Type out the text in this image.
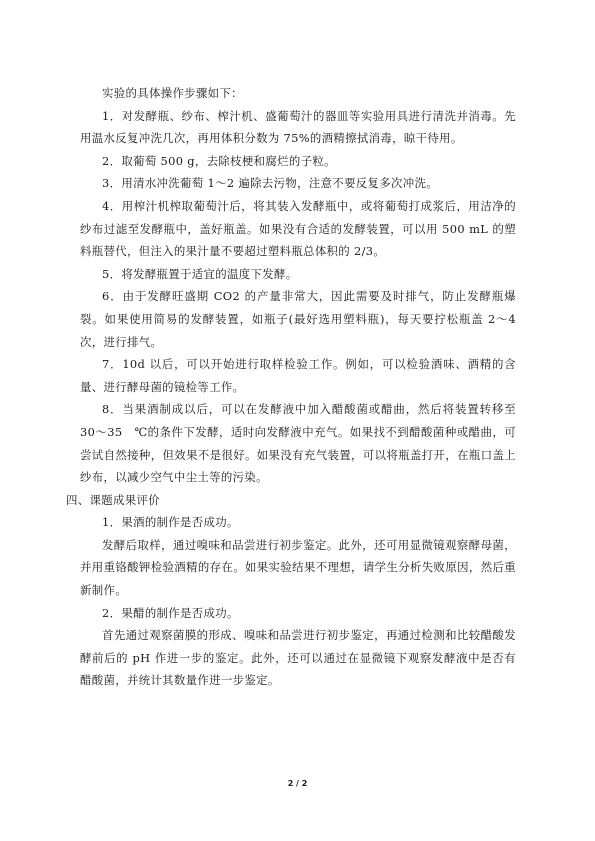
实验的具体操作步骤如下：

1．对发酵瓶、纱布、榨汁机、盛葡萄汁的器皿等实验用具进行清洗并消毒。先用温水反复冲洗几次，再用体积分数为 75%的酒精擦拭消毒，晾干待用。

2．取葡萄 500 g，去除枝梗和腐烂的子粒。

3．用清水冲洗葡萄 1～2 遍除去污物，注意不要反复多次冲洗。

4．用榨汁机榨取葡萄汁后，将其装入发酵瓶中，或将葡萄打成浆后，用洁净的纱布过滤至发酵瓶中，盖好瓶盖。如果没有合适的发酵装置，可以用 500 mL 的塑料瓶替代，但注入的果汁量不要超过塑料瓶总体积的 2/3。

5．将发酵瓶置于适宜的温度下发酵。

6．由于发酵旺盛期 CO2 的产量非常大，因此需要及时排气，防止发酵瓶爆裂。如果使用简易的发酵装置，如瓶子(最好选用塑料瓶)，每天要拧松瓶盖 2～4 次，进行排气。

7．10d 以后，可以开始进行取样检验工作。例如，可以检验酒味、酒精的含量、进行酵母菌的镜检等工作。

8．当果酒制成以后，可以在发酵液中加入醋酸菌或醋曲，然后将装置转移至 30～35　℃的条件下发酵，适时向发酵液中充气。如果找不到醋酸菌种或醋曲，可尝试自然接种，但效果不是很好。如果没有充气装置，可以将瓶盖打开，在瓶口盖上纱布，以减少空气中尘土等的污染。

四、课题成果评价

1．果酒的制作是否成功。

发酵后取样，通过嗅味和品尝进行初步鉴定。此外，还可用显微镜观察酵母菌，并用重铬酸钾检验酒精的存在。如果实验结果不理想，请学生分析失败原因，然后重新制作。

2．果醋的制作是否成功。

首先通过观察菌膜的形成、嗅味和品尝进行初步鉴定，再通过检测和比较醋酸发酵前后的 pH 作进一步的鉴定。此外，还可以通过在显微镜下观察发酵液中是否有醋酸菌，并统计其数量作进一步鉴定。

2 / 2
